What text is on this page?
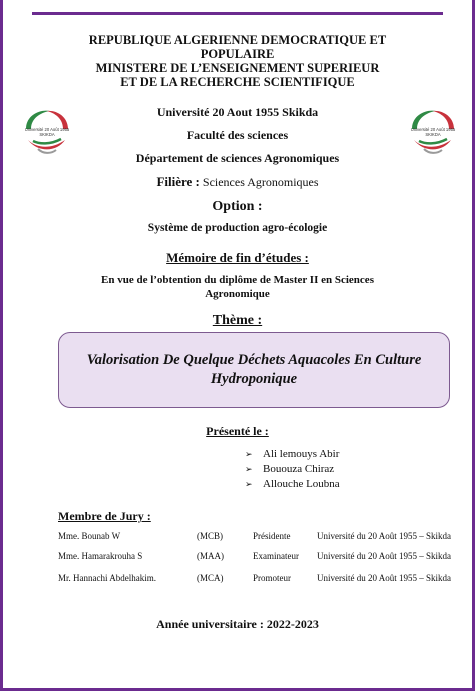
REPUBLIQUE ALGERIENNE DEMOCRATIQUE ET POPULAIRE
MINISTERE DE L’ENSEIGNEMENT SUPERIEUR
ET DE LA RECHERCHE SCIENTIFIQUE
Université 20 Août 1955
SKIKDA
Université 20 Août 1955
SKIKDA
Université 20 Aout 1955 Skikda
Faculté des sciences
Département de sciences Agronomiques
Filière : Sciences Agronomiques
Option :
Système de production agro-écologie
Mémoire de fin d’études :
En vue de l’obtention du diplôme de Master II en Sciences
Agronomique
Thème :
Valorisation De Quelque Déchets Aquacoles En Culture Hydroponique
Présenté le :
➢ Ali lemouys Abir
➢ Bououza Chiraz
➢ Allouche Loubna
Membre de Jury :
Mme. Bounab W	(MCB)	Présidente	Université du 20 Août 1955 – Skikda
Mme. Hamarakrouha S	(MAA)	Examinateur Université du 20 Août 1955 – Skikda
Mr. Hannachi Abdelhakim.	(MCA)	Promoteur	Université du 20 Août 1955 – Skikda
Année universitaire : 2022-2023
